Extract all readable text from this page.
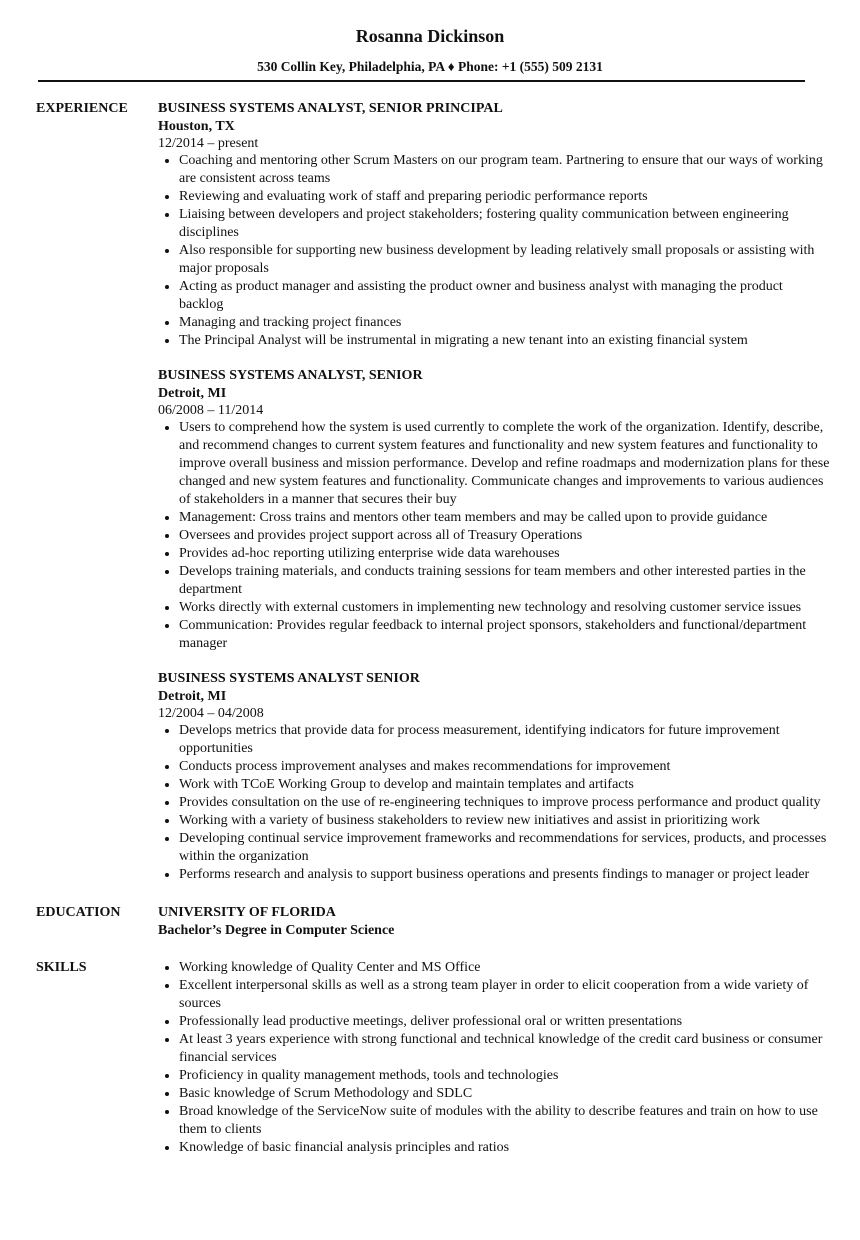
Rosanna Dickinson
530 Collin Key, Philadelphia, PA ♦ Phone: +1 (555) 509 2131
EXPERIENCE	BUSINESS SYSTEMS ANALYST, SENIOR PRINCIPAL
Houston, TX
12/2014 – present
• Coaching and mentoring other Scrum Masters on our program team. Partnering to ensure that our ways of working are consistent across teams
• Reviewing and evaluating work of staff and preparing periodic performance reports
• Liaising between developers and project stakeholders; fostering quality communication between engineering disciplines
• Also responsible for supporting new business development by leading relatively small proposals or assisting with major proposals
• Acting as product manager and assisting the product owner and business analyst with managing the product backlog
• Managing and tracking project finances
• The Principal Analyst will be instrumental in migrating a new tenant into an existing financial system
BUSINESS SYSTEMS ANALYST, SENIOR
Detroit, MI
06/2008 – 11/2014
• Users to comprehend how the system is used currently to complete the work of the organization. Identify, describe, and recommend changes to current system features and functionality and new system features and functionality to improve overall business and mission performance. Develop and refine roadmaps and modernization plans for these changed and new system features and functionality. Communicate changes and improvements to various audiences of stakeholders in a manner that secures their buy
• Management: Cross trains and mentors other team members and may be called upon to provide guidance
• Oversees and provides project support across all of Treasury Operations
• Provides ad-hoc reporting utilizing enterprise wide data warehouses
• Develops training materials, and conducts training sessions for team members and other interested parties in the department
• Works directly with external customers in implementing new technology and resolving customer service issues
• Communication: Provides regular feedback to internal project sponsors, stakeholders and functional/department manager
BUSINESS SYSTEMS ANALYST SENIOR
Detroit, MI
12/2004 – 04/2008
• Develops metrics that provide data for process measurement, identifying indicators for future improvement opportunities
• Conducts process improvement analyses and makes recommendations for improvement
• Work with TCoE Working Group to develop and maintain templates and artifacts
• Provides consultation on the use of re-engineering techniques to improve process performance and product quality
• Working with a variety of business stakeholders to review new initiatives and assist in prioritizing work
• Developing continual service improvement frameworks and recommendations for services, products, and processes within the organization
• Performs research and analysis to support business operations and presents findings to manager or project leader
EDUCATION	UNIVERSITY OF FLORIDA
Bachelor’s Degree in Computer Science
SKILLS
•	Working knowledge of Quality Center and MS Office
• Excellent interpersonal skills as well as a strong team player in order to elicit cooperation from a wide variety of sources
• Professionally lead productive meetings, deliver professional oral or written presentations
• At least 3 years experience with strong functional and technical knowledge of the credit card business or consumer financial services
• Proficiency in quality management methods, tools and technologies
• Basic knowledge of Scrum Methodology and SDLC
• Broad knowledge of the ServiceNow suite of modules with the ability to describe features and train on how to use them to clients
• Knowledge of basic financial analysis principles and ratios
